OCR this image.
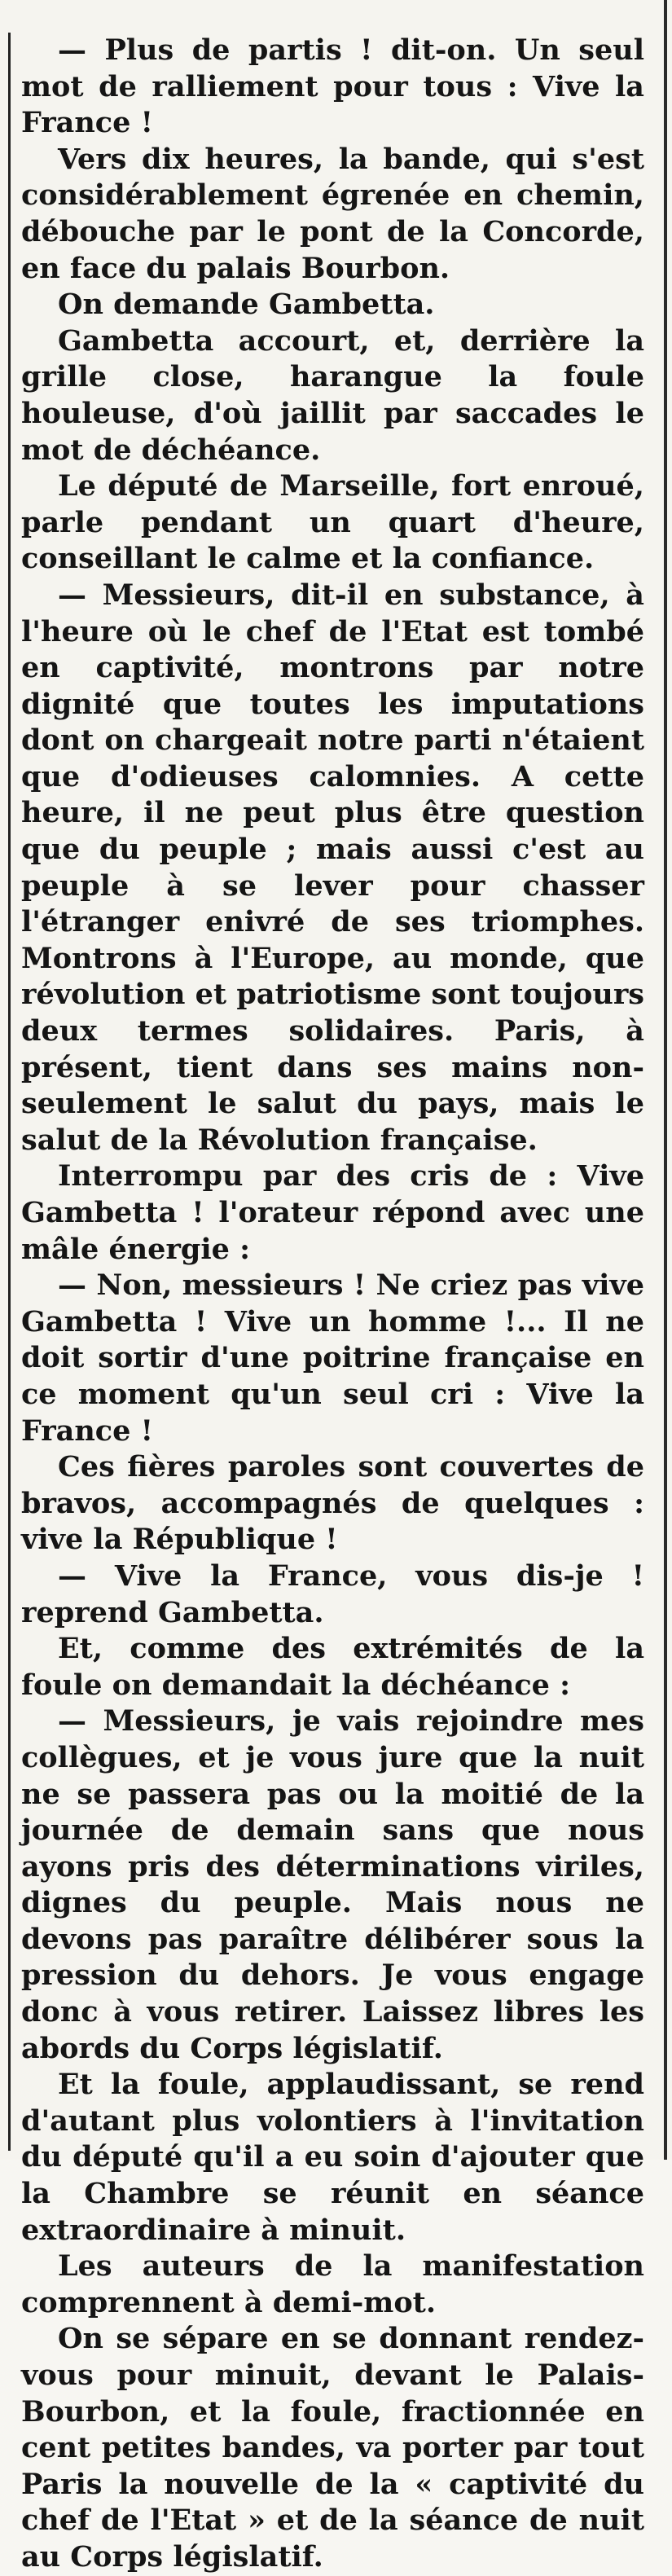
— Plus de partis ! dit-on. Un seul mot de ralliement pour tous : Vive la France !

Vers dix heures, la bande, qui s'est considérablement égrenée en chemin, débouche par le pont de la Concorde, en face du palais Bourbon.

On demande Gambetta.

Gambetta accourt, et, derrière la grille close, harangue la foule houleuse, d'où jaillit par saccades le mot de déchéance.

Le député de Marseille, fort enroué, parle pendant un quart d'heure, conseillant le calme et la confiance.

— Messieurs, dit-il en substance, à l'heure où le chef de l'Etat est tombé en captivité, montrons par notre dignité que toutes les imputations dont on chargeait notre parti n'étaient que d'odieuses calomnies. A cette heure, il ne peut plus être question que du peuple ; mais aussi c'est au peuple à se lever pour chasser l'étranger enivré de ses triomphes. Montrons à l'Europe, au monde, que révolution et patriotisme sont toujours deux termes solidaires. Paris, à présent, tient dans ses mains non-seulement le salut du pays, mais le salut de la Révolution française.

Interrompu par des cris de : Vive Gambetta ! l'orateur répond avec une mâle énergie :

— Non, messieurs ! Ne criez pas vive Gambetta ! Vive un homme !... Il ne doit sortir d'une poitrine française en ce moment qu'un seul cri : Vive la France !

Ces fières paroles sont couvertes de bravos, accompagnés de quelques : vive la République !

— Vive la France, vous dis-je ! reprend Gambetta.

Et, comme des extrémités de la foule on demandait la déchéance :

— Messieurs, je vais rejoindre mes collègues, et je vous jure que la nuit ne se passera pas ou la moitié de la journée de demain sans que nous ayons pris des déterminations viriles, dignes du peuple. Mais nous ne devons pas paraître délibérer sous la pression du dehors. Je vous engage donc à vous retirer. Laissez libres les abords du Corps législatif.

Et la foule, applaudissant, se rend d'autant plus volontiers à l'invitation du député qu'il a eu soin d'ajouter que la Chambre se réunit en séance extraordinaire à minuit.

Les auteurs de la manifestation comprennent à demi-mot.

On se sépare en se donnant rendez-vous pour minuit, devant le Palais-Bourbon, et la foule, fractionnée en cent petites bandes, va porter par tout Paris la nouvelle de la « captivité du chef de l'Etat » et de la séance de nuit au Corps législatif.
